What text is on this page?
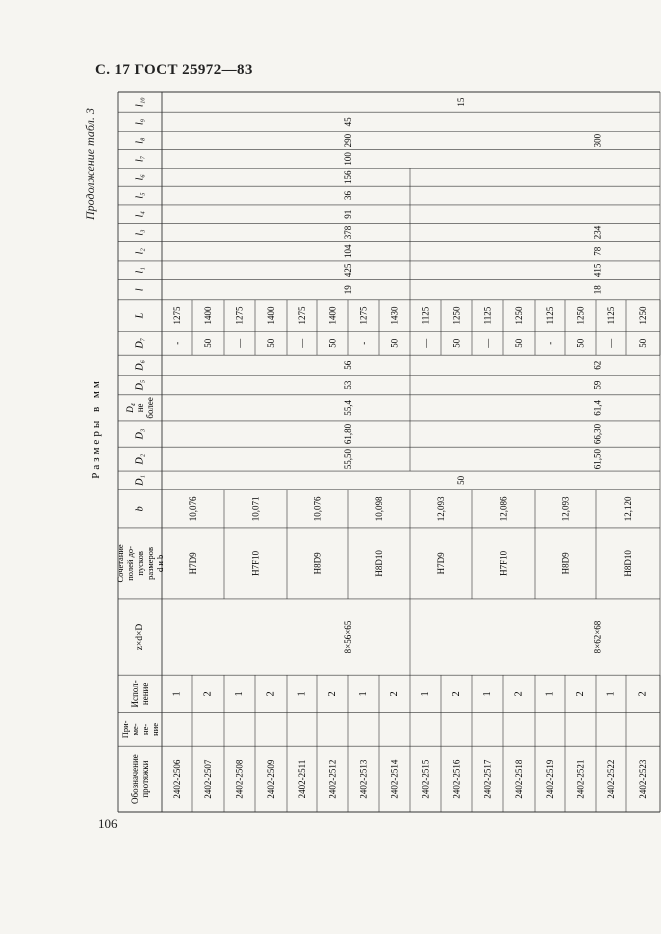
С. 17 ГОСТ 25972—83
106
Продолжение табл. 3
Размеры в мм
l₁₀
l₉
l₈
l₇
l₆
l₅
l₄
l₃
l₂
l₁
l
L
D₇
D₆
D₅
D₃
D₂
D₁
b
D₄ не более
Сочетание полей до- пусков размеров d и b
z×d×D
Испол- нение
При- ме- не- ние
Обозначение протяжки 2402-2506
1
-
1275
2402-2507
2
50
1400
2402-2508
1
—
1275
2402-2509
2
50
1400
2402-2511
1
—
1275
2402-2512
2
50
1400
2402-2513
1
-
1275
2402-2514
2
50
1430
2402-2515
1
—
1125
2402-2516
2
50
1250
2402-2517
1
—
1125
2402-2518
2
50
1250
2402-2519
1
-
1125
2402-2521
2
50
1250
2402-2522
1
—
1125
2402-2523
2
50
1250
10,076
H7D9
10,071
H7F10
10,076
H8D9
10,098
H8D10
12,093
H7D9
12,086
H7F10
12,093
H8D9
12,120
H8D10
8×56×65
55,50
61,80
55,4
53
56
19
425
104
378
91
36
156
100
290
45
8×62×68
61,50
66,30
61,4
59
62
18
415
78
234
300
50
15
